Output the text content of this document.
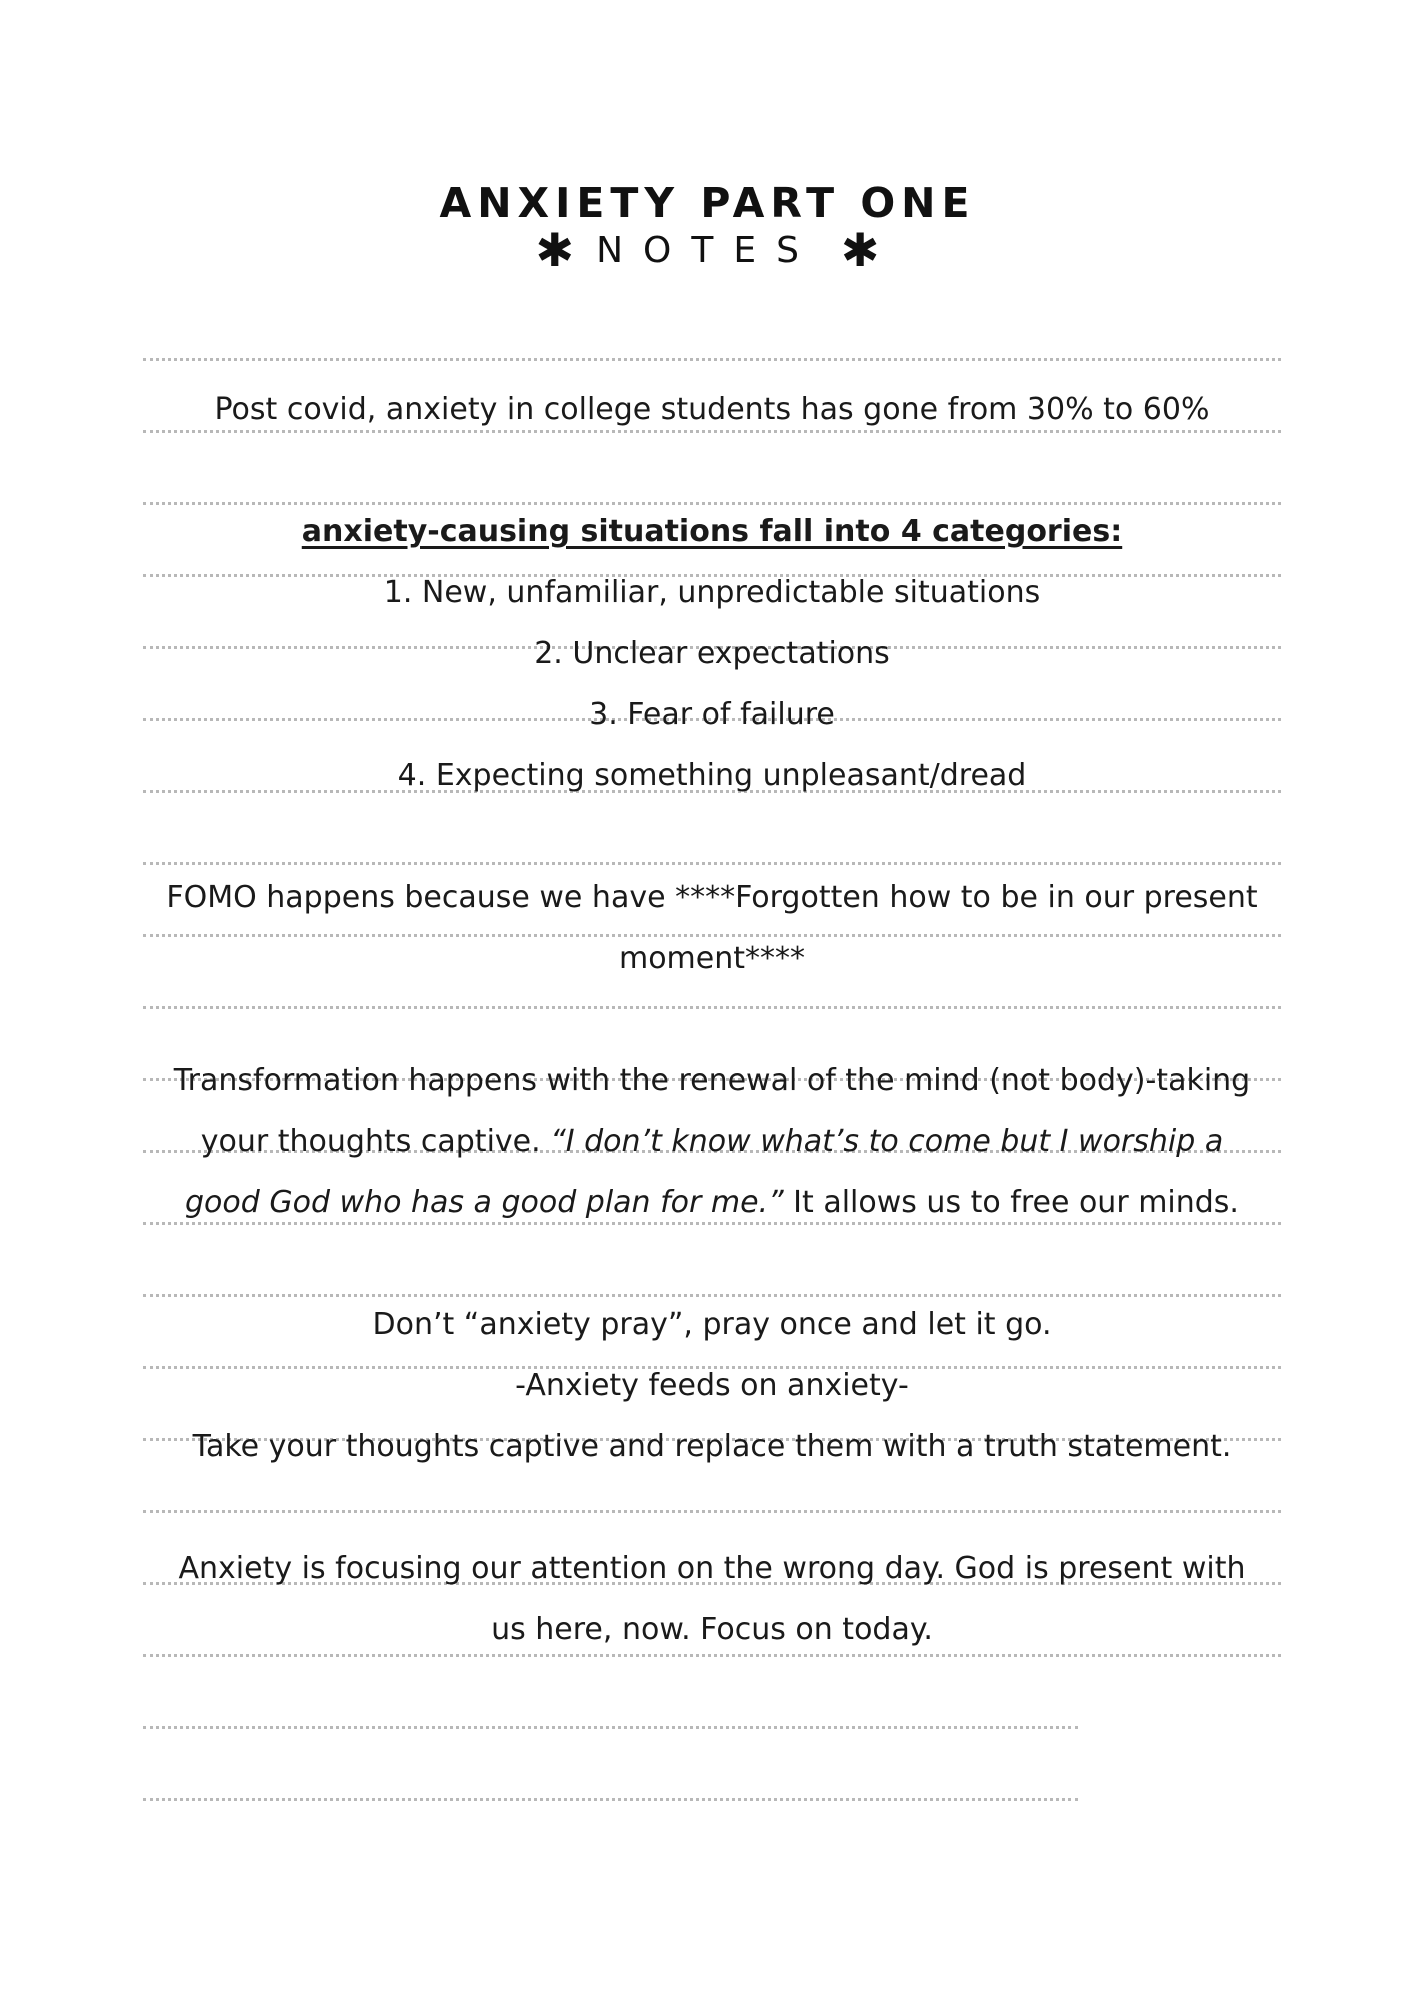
ANXIETY PART ONE
✱ NOTES ✱
Post covid, anxiety in college students has gone from 30% to 60%
anxiety-causing situations fall into 4 categories:
1. New, unfamiliar, unpredictable situations
2. Unclear expectations
3. Fear of failure
4. Expecting something unpleasant/dread
FOMO happens because we have ****Forgotten how to be in our present
moment****
Transformation happens with the renewal of the mind (not body)-taking
your thoughts captive. “I don’t know what’s to come but I worship a
good God who has a good plan for me.” It allows us to free our minds.
Don’t “anxiety pray”, pray once and let it go.
-Anxiety feeds on anxiety-
Take your thoughts captive and replace them with a truth statement.
Anxiety is focusing our attention on the wrong day. God is present with
us here, now. Focus on today.
